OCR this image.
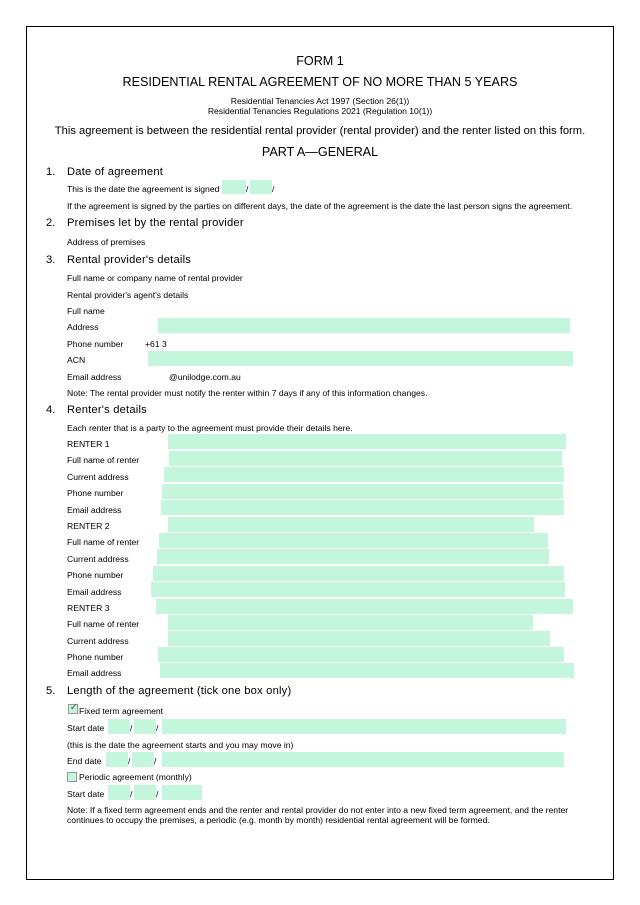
FORM 1
RESIDENTIAL RENTAL AGREEMENT OF NO MORE THAN 5 YEARS
Residential Tenancies Act 1997 (Section 26(1))
Residential Tenancies Regulations 2021 (Regulation 10(1))
This agreement is between the residential rental provider (rental provider) and the renter listed on this form.
PART A—GENERAL
1. Date of agreement
This is the date the agreement is signed	/	/
If the agreement is signed by the parties on different days, the date of the agreement is the date the last person signs the agreement.
2. Premises let by the rental provider
Address of premises
3. Rental provider's details
Full name or company name of rental provider
Rental provider's agent's details
Full name
Address
Phone number	+61 3
ACN
Email address	@unilodge.com.au
Note: The rental provider must notify the renter within 7 days if any of this information changes.
4. Renter's details
Each renter that is a party to the agreement must provide their details here.
RENTER 1
Full name of renter
Current address
Phone number
Email address
RENTER 2
Full name of renter
Current address
Phone number
Email address
RENTER 3
Full name of renter
Current address
Phone number
Email address
5. Length of the agreement (tick one box only)
✓ Fixed term agreement
Start date	/	/
(this is the date the agreement starts and you may move in)
End date	/	/
Periodic agreement (monthly)
Start date	/	/
Note: If a fixed term agreement ends and the renter and rental provider do not enter into a new fixed term agreement, and the renter
continues to occupy the premises, a periodic (e.g. month by month) residential rental agreement will be formed.
